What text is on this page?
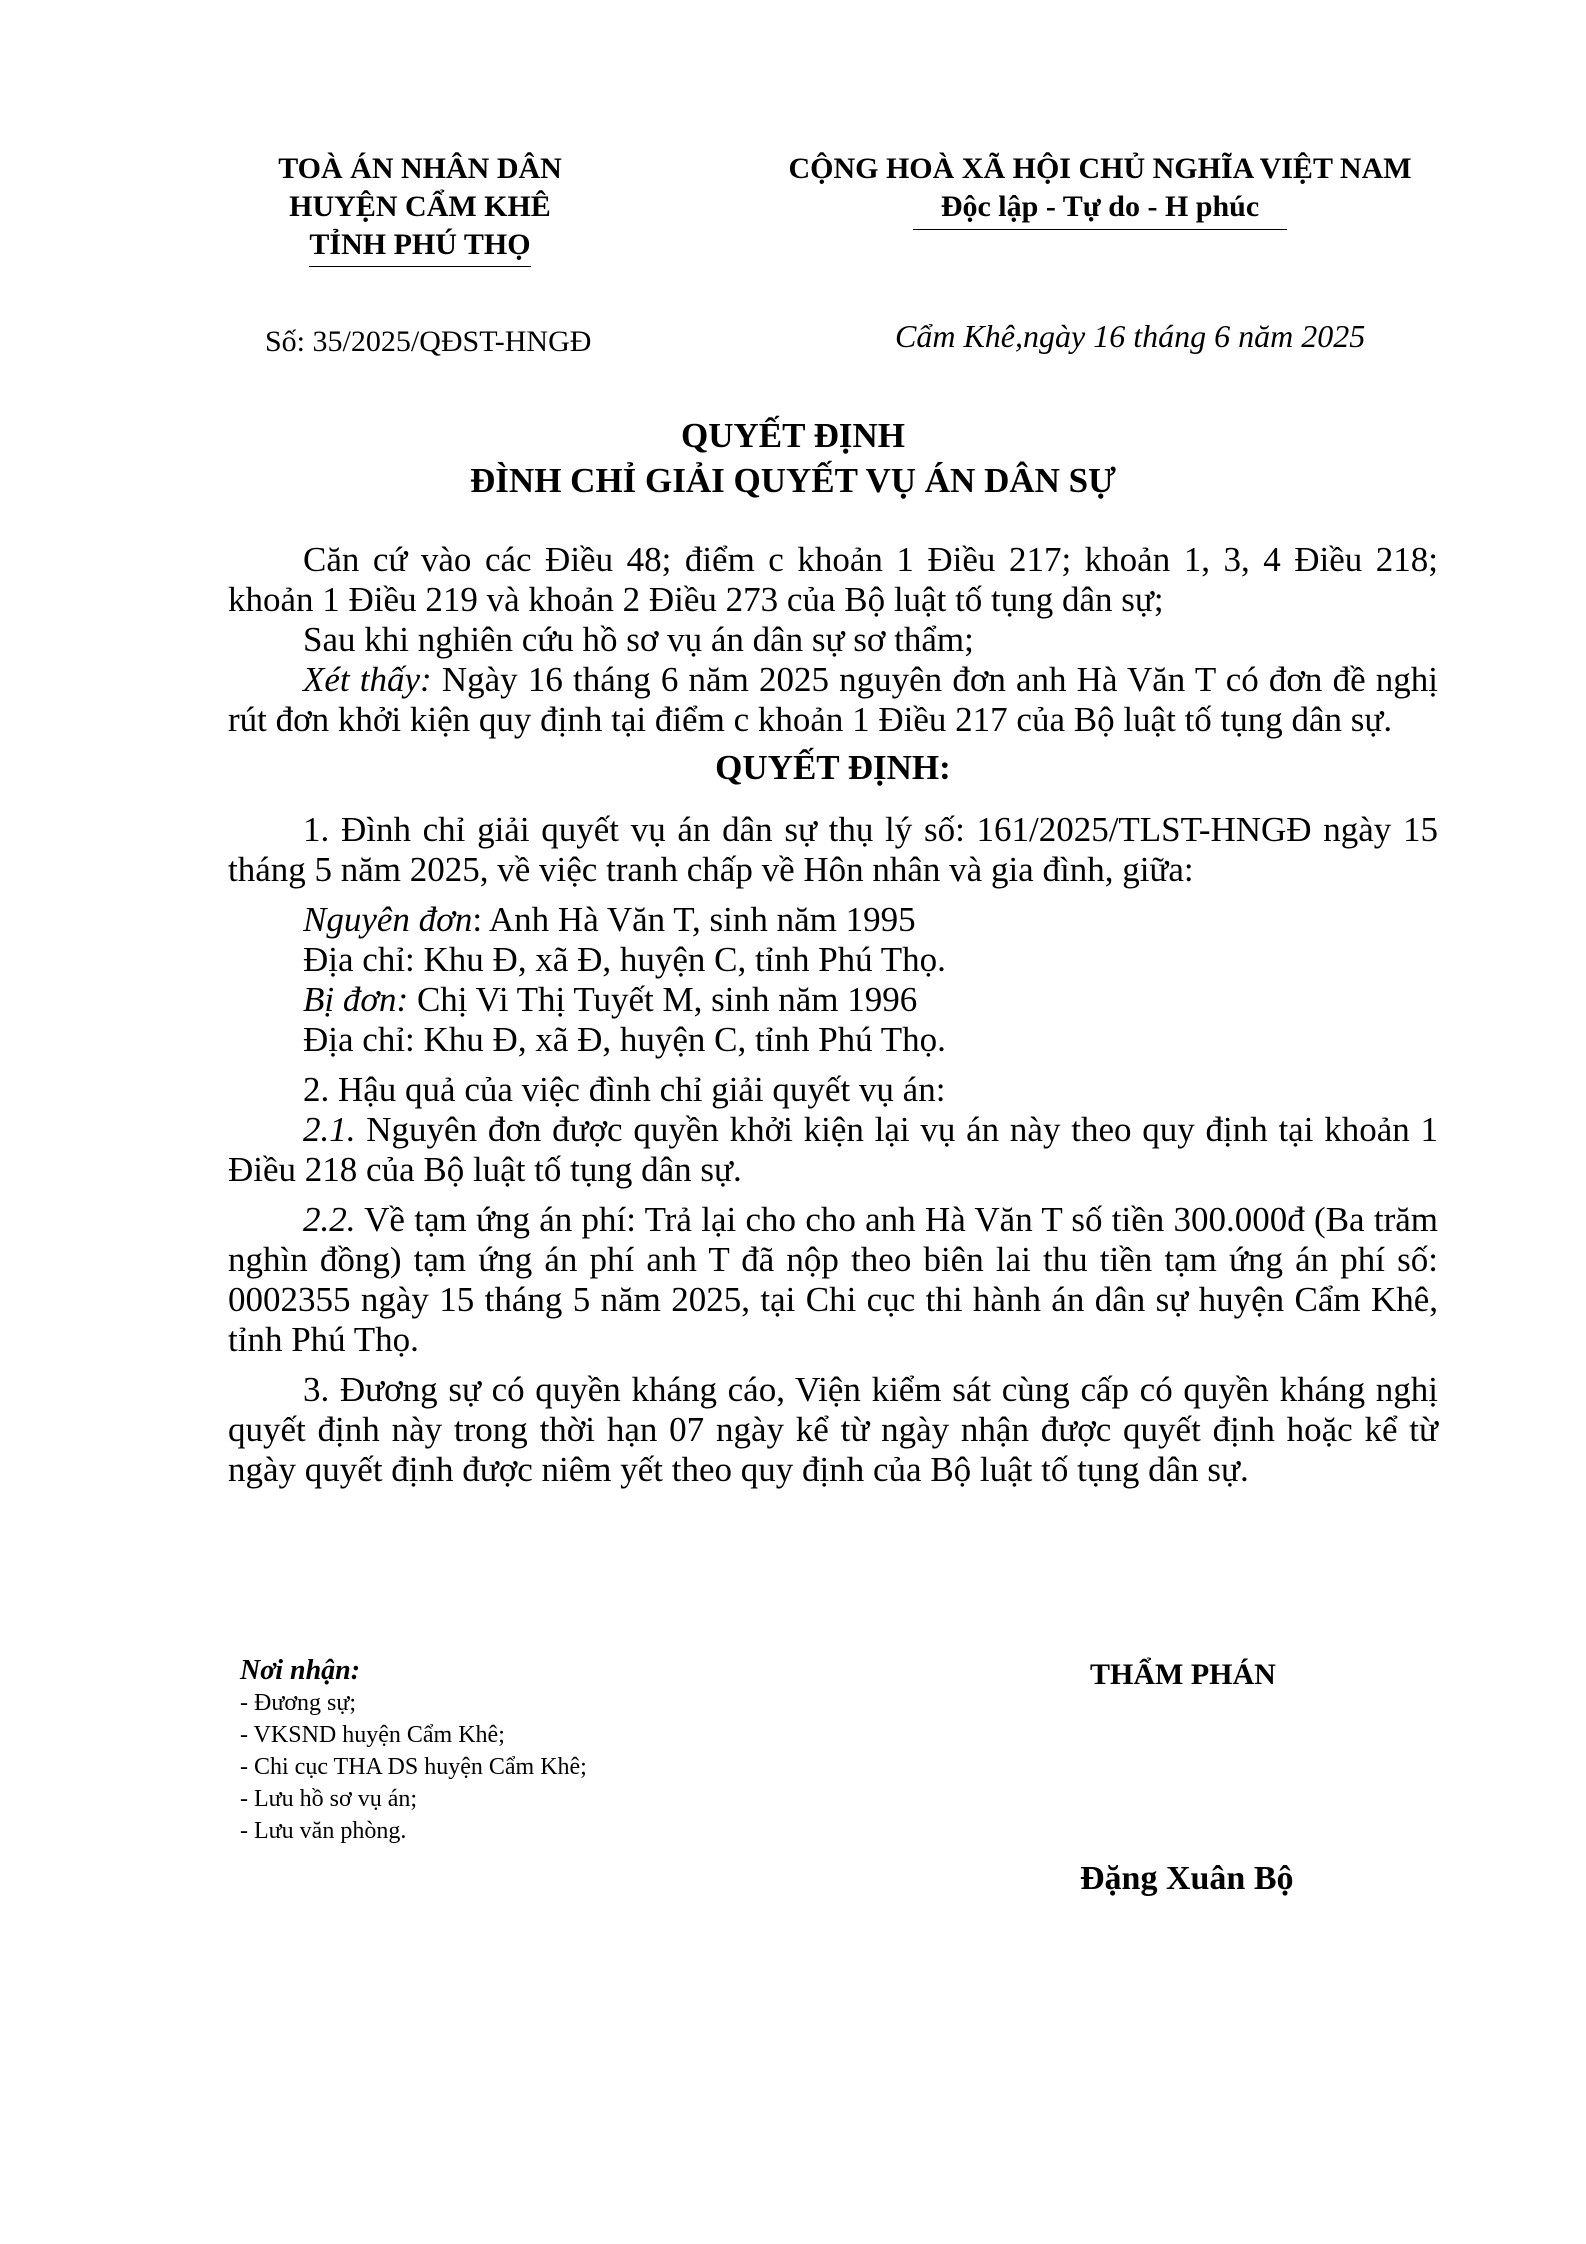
TOÀ ÁN NHÂN DÂN
HUYỆN CẨM KHÊ
TỈNH PHÚ THỌ
CỘNG HOÀ XÃ HỘI CHỦ NGHĨA VIỆT NAM
Độc lập - Tự do - H phúc
Số: 35/2025/QĐST-HNGĐ	Cẩm Khê,ngày 16 tháng 6 năm 2025
QUYẾT ĐỊNH
ĐÌNH CHỈ GIẢI QUYẾT VỤ ÁN DÂN SỰ

Căn cứ vào các Điều 48; điểm c khoản 1 Điều 217; khoản 1, 3, 4 Điều 218; khoản 1 Điều 219 và khoản 2 Điều 273 của Bộ luật tố tụng dân sự;

Sau khi nghiên cứu hồ sơ vụ án dân sự sơ thẩm;

Xét thấy: Ngày 16 tháng 6 năm 2025 nguyên đơn anh Hà Văn T có đơn đề nghị rút đơn khởi kiện quy định tại điểm c khoản 1 Điều 217 của Bộ luật tố tụng dân sự.

QUYẾT ĐỊNH:

1. Đình chỉ giải quyết vụ án dân sự thụ lý số: 161/2025/TLST-HNGĐ ngày 15 tháng 5 năm 2025, về việc tranh chấp về Hôn nhân và gia đình, giữa:

Nguyên đơn: Anh Hà Văn T, sinh năm 1995

Địa chỉ: Khu Đ, xã Đ, huyện C, tỉnh Phú Thọ.

Bị đơn: Chị Vi Thị Tuyết M, sinh năm 1996

Địa chỉ: Khu Đ, xã Đ, huyện C, tỉnh Phú Thọ.

2. Hậu quả của việc đình chỉ giải quyết vụ án:

2.1. Nguyên đơn được quyền khởi kiện lại vụ án này theo quy định tại khoản 1 Điều 218 của Bộ luật tố tụng dân sự.

2.2. Về tạm ứng án phí: Trả lại cho cho anh Hà Văn T số tiền 300.000đ (Ba trăm nghìn đồng) tạm ứng án phí anh T đã nộp theo biên lai thu tiền tạm ứng án phí số: 0002355 ngày 15 tháng 5 năm 2025, tại Chi cục thi hành án dân sự huyện Cẩm Khê, tỉnh Phú Thọ.

3. Đương sự có quyền kháng cáo, Viện kiểm sát cùng cấp có quyền kháng nghị quyết định này trong thời hạn 07 ngày kể từ ngày nhận được quyết định hoặc kể từ ngày quyết định được niêm yết theo quy định của Bộ luật tố tụng dân sự.

Nơi nhận:
- Đương sự;
- VKSND huyện Cẩm Khê;
- Chi cục THA DS huyện Cẩm Khê;
- Lưu hồ sơ vụ án;
- Lưu văn phòng.
THẨM PHÁN
Đặng Xuân Bộ
